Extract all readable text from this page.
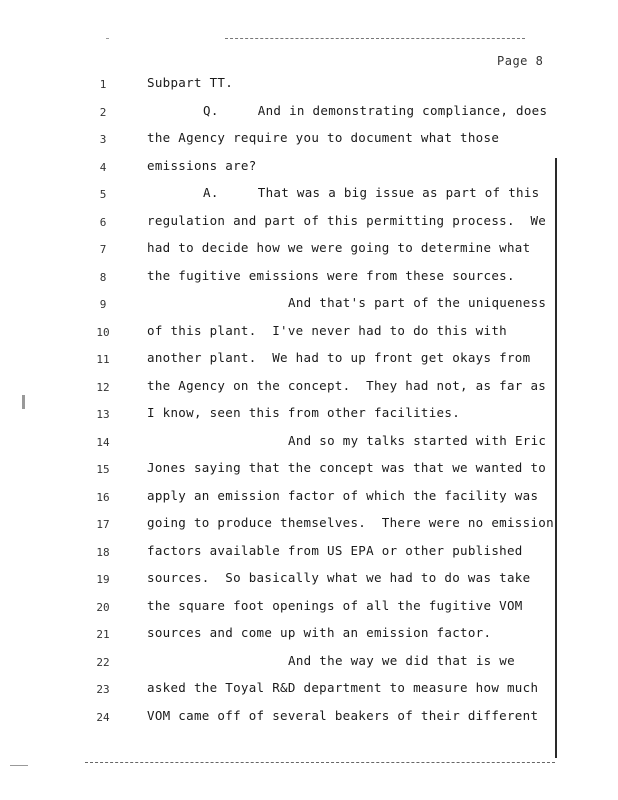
Page 8
1	Subpart TT.
2	Q.     And in demonstrating compliance, does
3	the Agency require you to document what those
4	emissions are?
5	A.     That was a big issue as part of this
6	regulation and part of this permitting process.  We
7	had to decide how we were going to determine what
8	the fugitive emissions were from these sources.
9	And that's part of the uniqueness
10	of this plant.  I've never had to do this with
11	another plant.  We had to up front get okays from
12	the Agency on the concept.  They had not, as far as
13	I know, seen this from other facilities.
14	And so my talks started with Eric
15	Jones saying that the concept was that we wanted to
16	apply an emission factor of which the facility was
17	going to produce themselves.  There were no emission
18	factors available from US EPA or other published
19	sources.  So basically what we had to do was take
20	the square foot openings of all the fugitive VOM
21	sources and come up with an emission factor.
22	And the way we did that is we
23	asked the Toyal R&D department to measure how much
24	VOM came off of several beakers of their different
